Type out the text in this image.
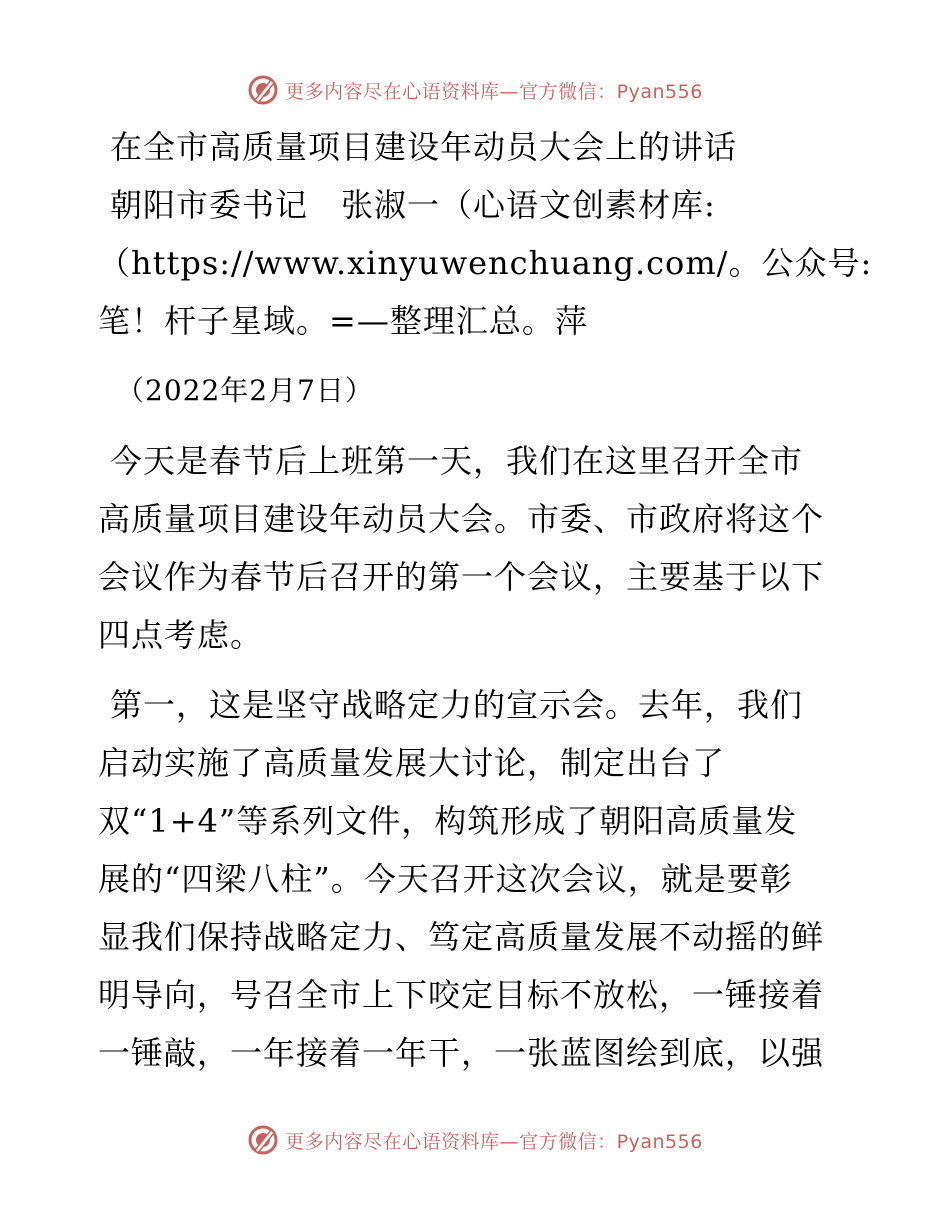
更多内容尽在心语资料库—官方微信：Pyan556
在全市高质量项目建设年动员大会上的讲话
朝阳市委书记　张淑一（心语文创素材库:
（https://www.xinyuwenchuang.com/。公众号:
笔！杆子星域。=—整理汇总。萍
（2022年2月7日）
今天是春节后上班第一天，我们在这里召开全市
高质量项目建设年动员大会。市委、市政府将这个
会议作为春节后召开的第一个会议，主要基于以下
四点考虑。
第一，这是坚守战略定力的宣示会。去年，我们
启动实施了高质量发展大讨论，制定出台了
双“1+4”等系列文件，构筑形成了朝阳高质量发
展的“四梁八柱”。今天召开这次会议，就是要彰
显我们保持战略定力、笃定高质量发展不动摇的鲜
明导向，号召全市上下咬定目标不放松，一锤接着
一锤敲，一年接着一年干，一张蓝图绘到底，以强
更多内容尽在心语资料库—官方微信：Pyan556
